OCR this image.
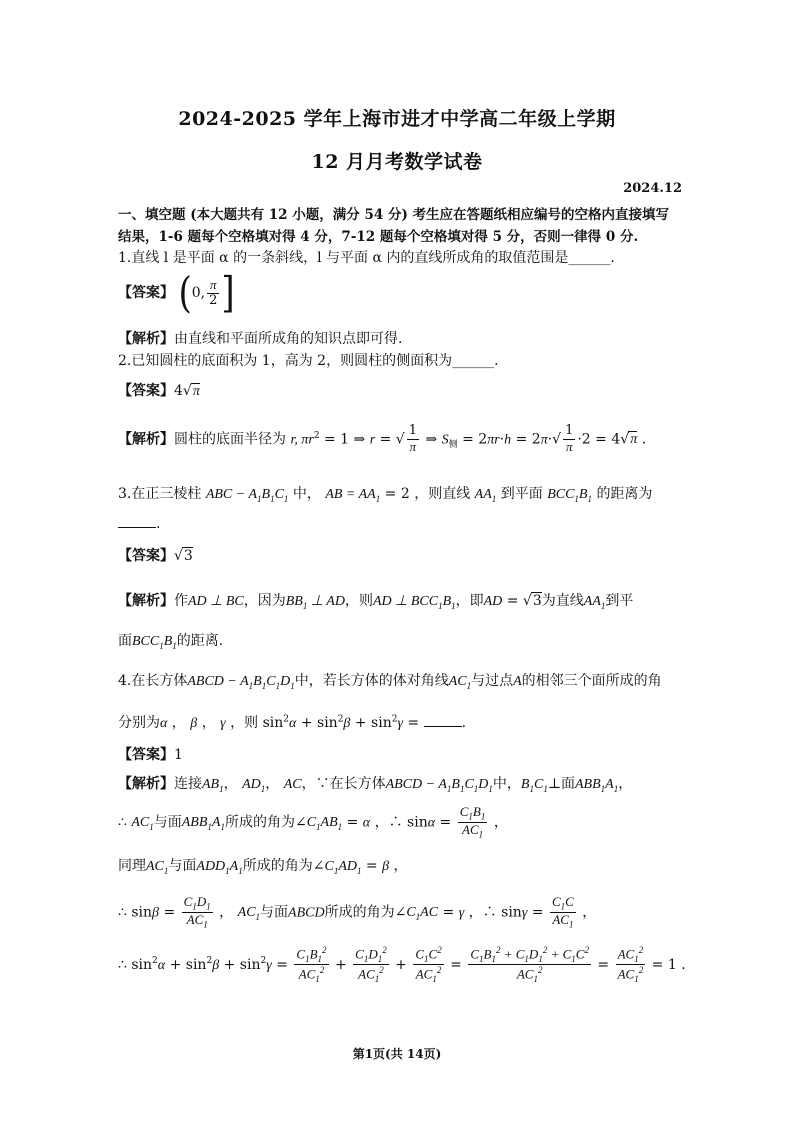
2024-2025 学年上海市进才中学高二年级上学期
12 月月考数学试卷
2024.12
一、填空题 (本大题共有 12 小题，满分 54 分) 考生应在答题纸相应编号的空格内直接填写
结果，1-6 题每个空格填对得 4 分，7-12 题每个空格填对得 5 分，否则一律得 0 分.
1.直线 l 是平面 α 的一条斜线，l 与平面 α 内的直线所成角的取值范围是______.
【答案】 (0, $\frac{\pi}{2}$ ]
【解析】由直线和平面所成角的知识点即可得.
2.已知圆柱的底面积为 1，高为 2，则圆柱的侧面积为______.
【答案】4√π
【解析】圆柱的底面半径为 r, $\pi r^2 = 1$ ⇒ r = √ $\frac{1}{\pi}$ ⇒ $S_侧 = 2\pi r\cdot h = 2\pi\cdot√ \frac{1}{\pi} \cdot 2 = 4√\pi$ .
3.在正三棱柱 ABC − $A_1B_1C_1$ 中， AB = $AA_1 = 2$ ，则直线 $AA_1$ 到平面 $BCC_1B_1$ 的距离为
.
【答案】√3
【解析】作AD ⊥ BC，因为$BB_1$ ⊥ AD，则AD ⊥ $BCC_1B_1$，即AD = √3为直线$AA_1$到平
面$BCC_1B_1$的距离.
4.在长方体ABCD − $A_1B_1C_1D_1$中，若长方体的体对角线$AC_1$与过点A的相邻三个面所成的角
分别为α ， β ， γ ，则 $\sin^2\alpha + \sin^2\beta + \sin^2\gamma$ =	.
【答案】1
【解析】连接$AB_1$， $AD_1$， AC，∵在长方体ABCD − $A_1B_1C_1D_1$中，$B_1C_1\perp$面$ABB_1A_1$，
∴ $AC_1$与面$ABB_1A_1$所成的角为$\angle C_1AB_1 = \alpha$ ，∴ $\sin\alpha = \frac{C_1B_1}{AC_1}$ ，
同理$AC_1$与面$ADD_1A_1$所成的角为$\angle C_1AD_1 = \beta$ ，
∴ $\sin\beta = \frac{C_1D_1}{AC_1}$ ， $AC_1$与面ABCD所成的角为$\angle C_1AC = \gamma$ ，∴ $\sin\gamma = \frac{C_1C}{AC_1}$ ，
∴ $\sin^2\alpha + \sin^2\beta + \sin^2\gamma = \frac{C_1B_1^2}{AC_1^2} + \frac{C_1D_1^2}{AC_1^2} + \frac{C_1C^2}{AC_1^2} = \frac{C_1B_1^2 + C_1D_1^2 + C_1C^2}{AC_1^2} = \frac{AC_1^2}{AC_1^2} = 1$ .
第1页(共 14页)
